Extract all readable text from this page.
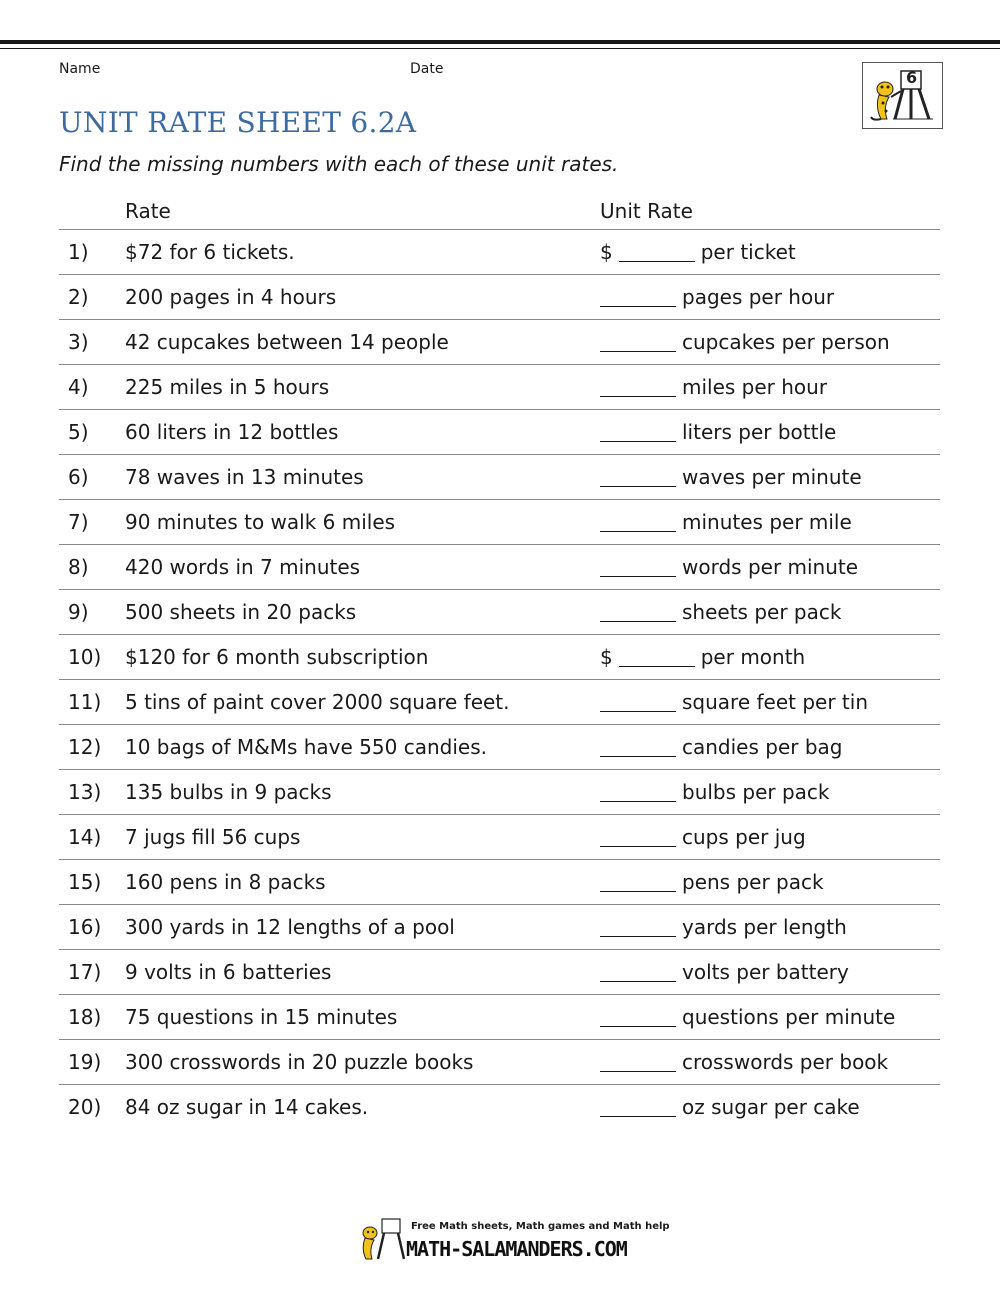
Name	Date	6
UNIT RATE SHEET 6.2A

Find the missing numbers with each of these unit rates.

Rate	Unit Rate
1) $72 for 6 tickets.	$	per ticket
2) 200 pages in 4 hours	pages per hour
3) 42 cupcakes between 14 people	cupcakes per person
4) 225 miles in 5 hours	miles per hour
5) 60 liters in 12 bottles	liters per bottle
6) 78 waves in 13 minutes	waves per minute
7) 90 minutes to walk 6 miles	minutes per mile
8) 420 words in 7 minutes	words per minute
9) 500 sheets in 20 packs	sheets per pack
10) $120 for 6 month subscription	$	per month
11) 5 tins of paint cover 2000 square feet.	square feet per tin
12) 10 bags of M&Ms have 550 candies.	candies per bag
13) 135 bulbs in 9 packs	bulbs per pack
14) 7 jugs fill 56 cups	cups per jug
15) 160 pens in 8 packs	pens per pack
16) 300 yards in 12 lengths of a pool	yards per length
17) 9 volts in 6 batteries	volts per battery
18) 75 questions in 15 minutes	questions per minute
19) 300 crosswords in 20 puzzle books	crosswords per book
20) 84 oz sugar in 14 cakes.	oz sugar per cake
Free Math sheets, Math games and Math help
MATH-SALAMANDERS.COM
